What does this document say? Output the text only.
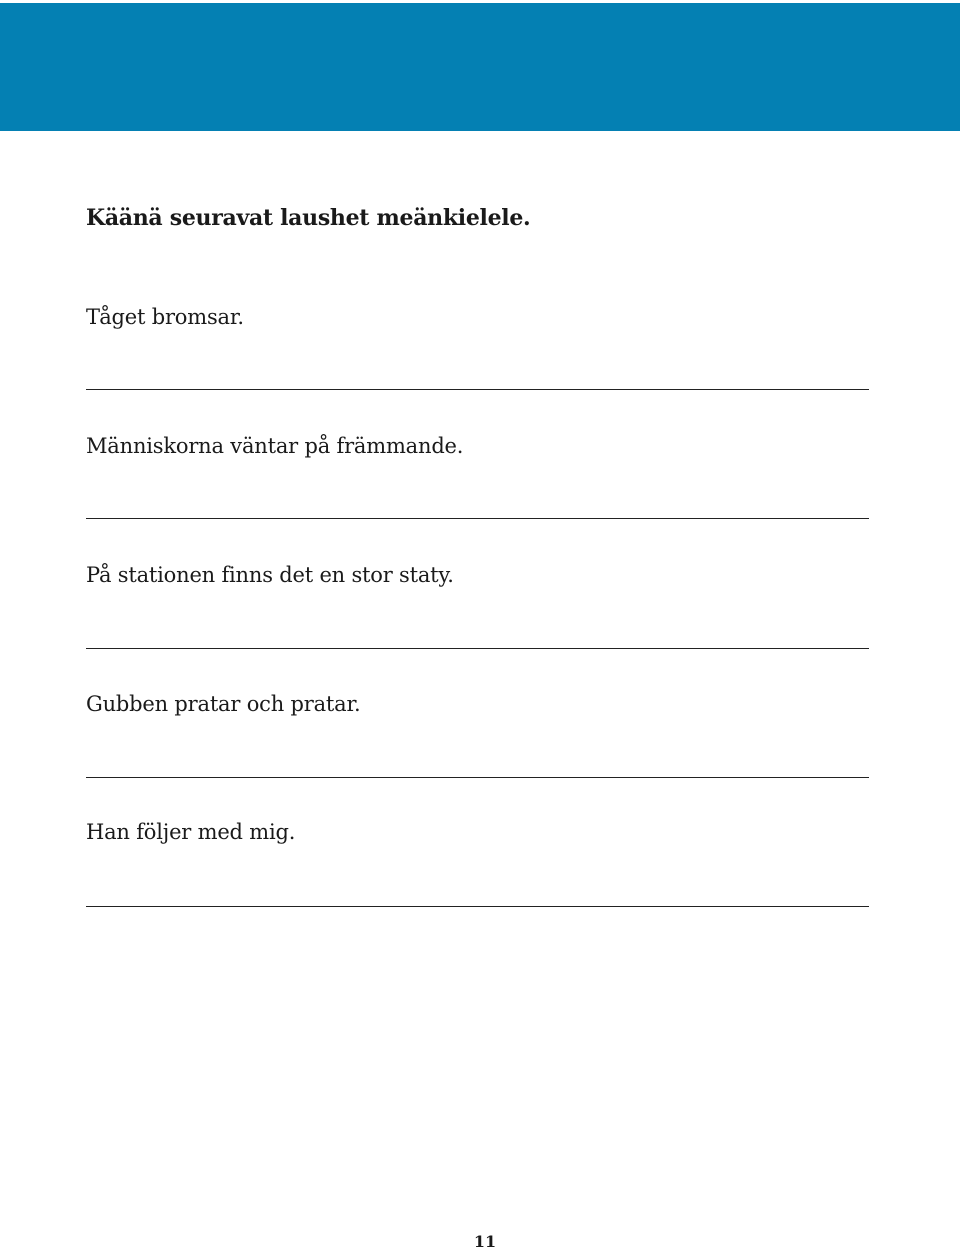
Käänä seuravat laushet meänkielele.
Tåget bromsar.
Människorna väntar på främmande.
På stationen finns det en stor staty.
Gubben pratar och pratar.
Han följer med mig.
11
